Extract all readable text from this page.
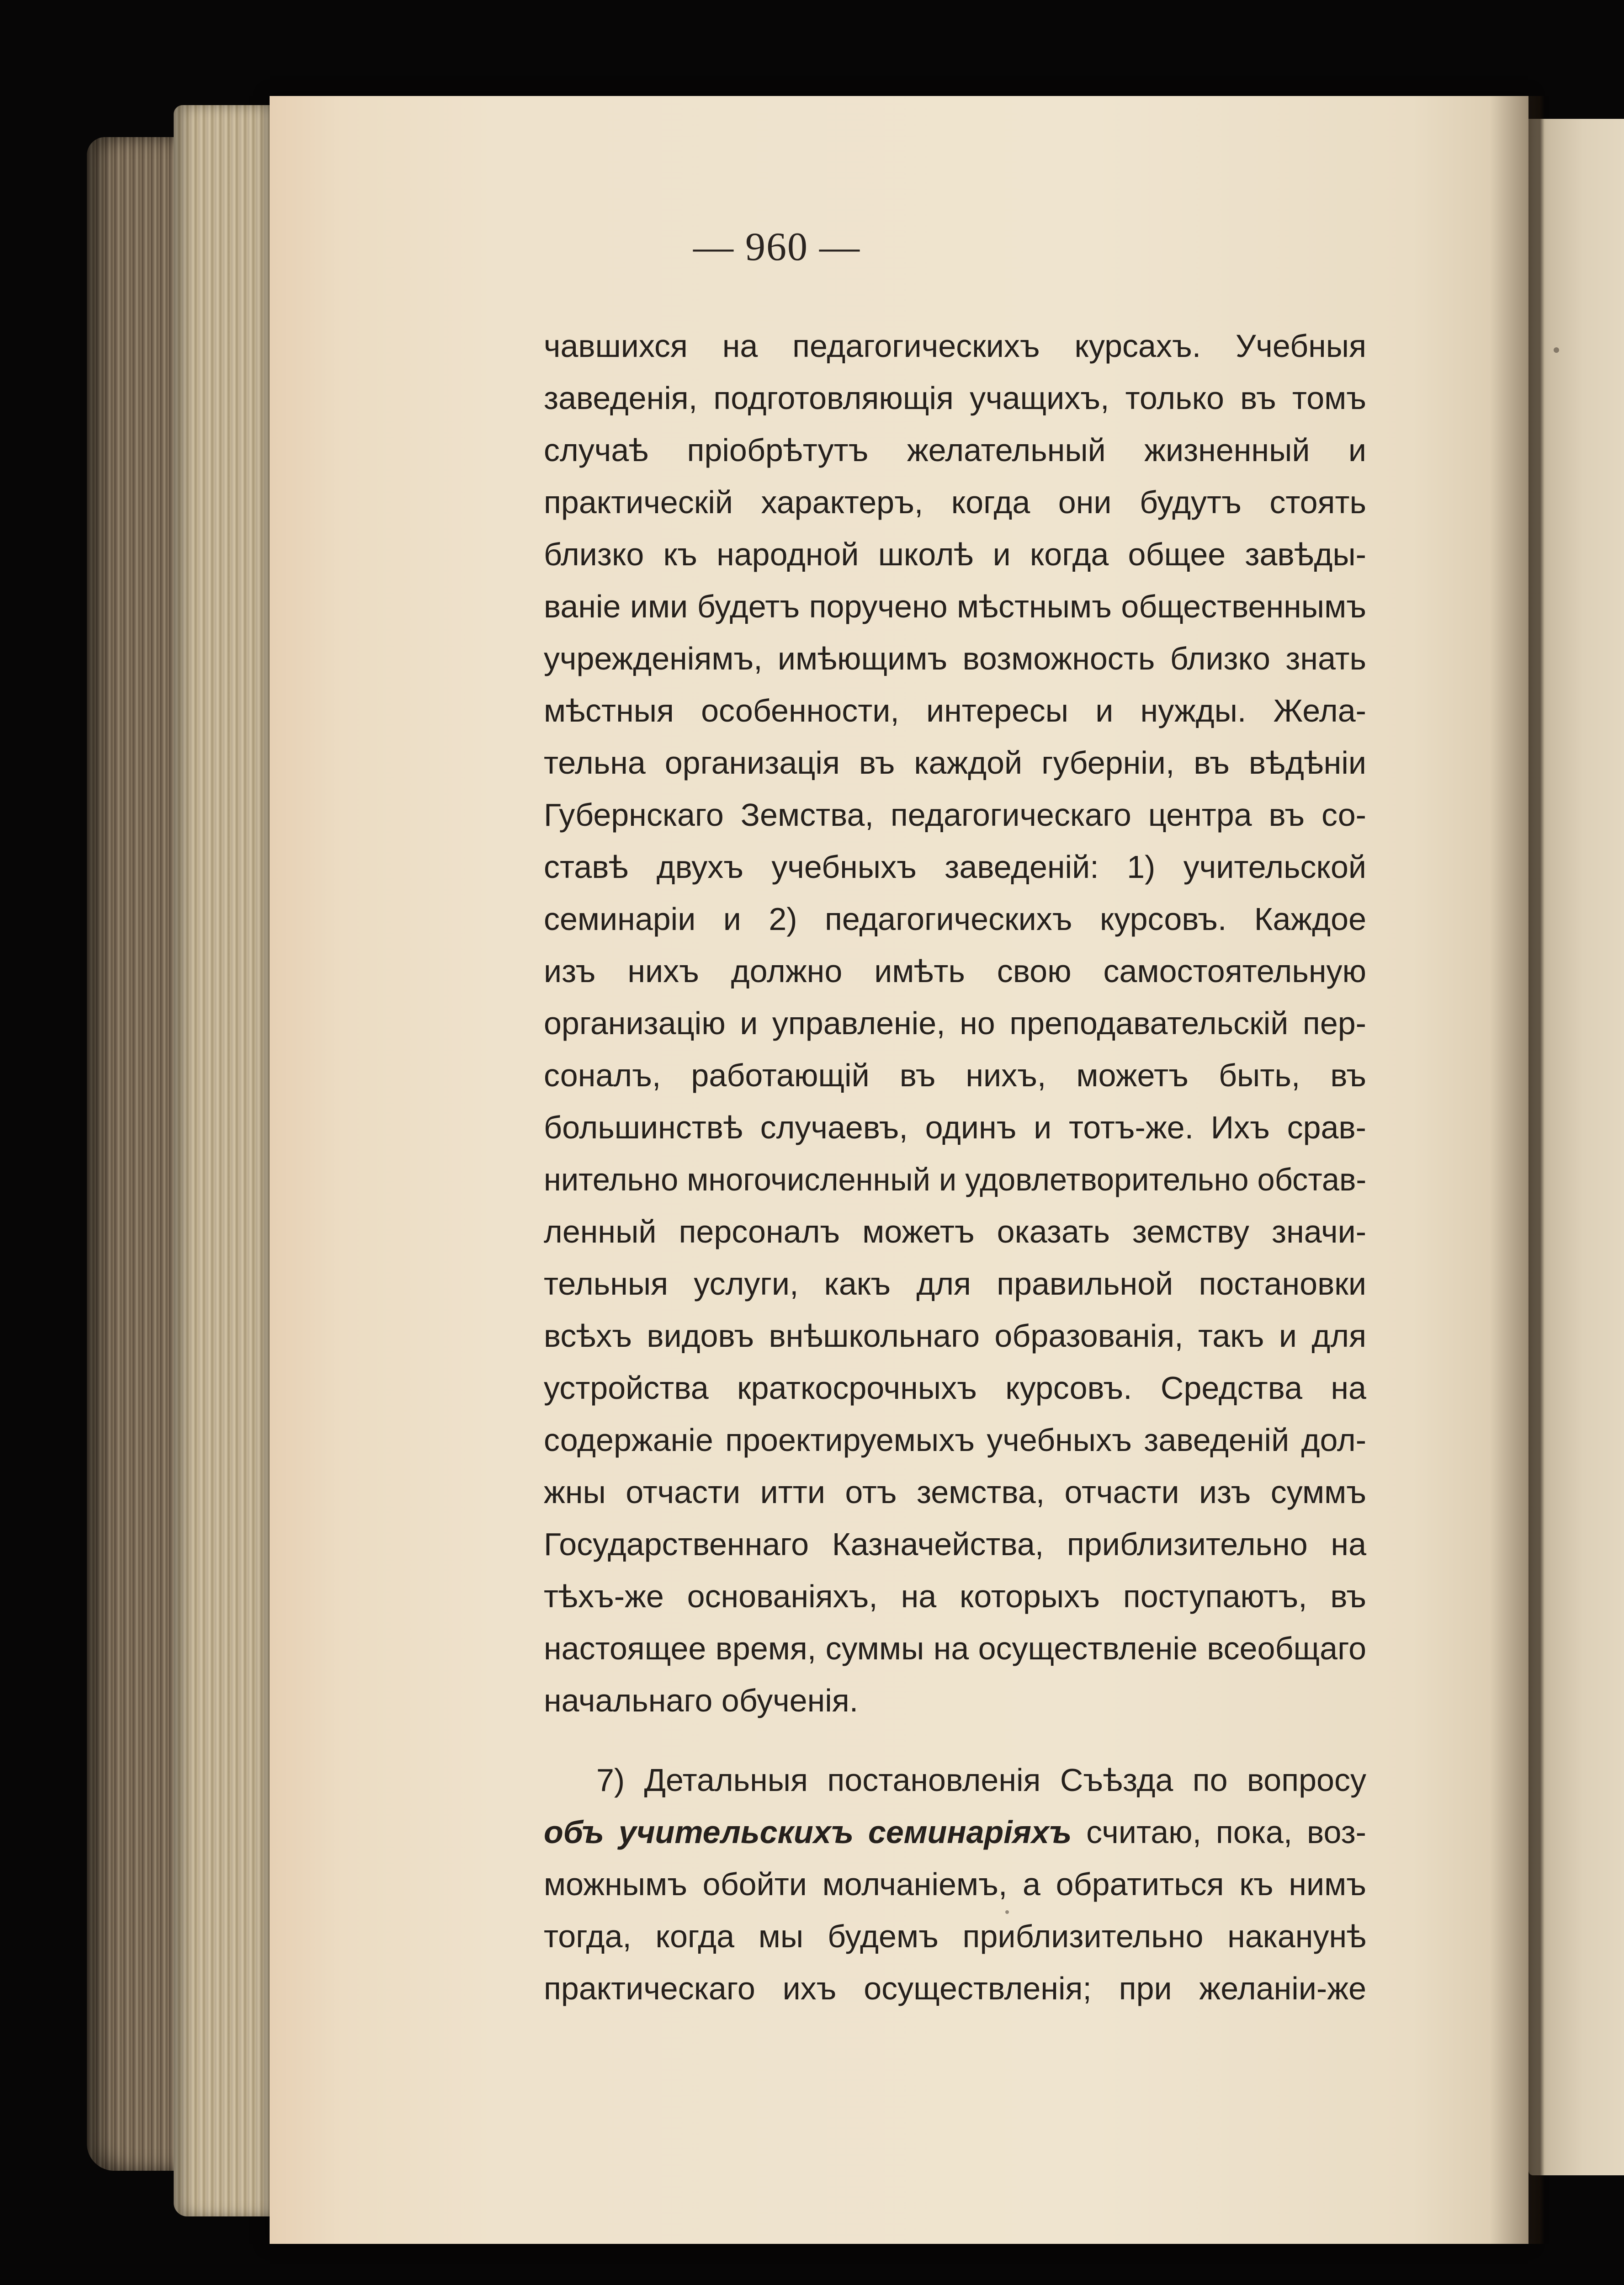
— 960 —
чавшихся на педагогическихъ курсахъ. Учебныя
заведенія, подготовляющія учащихъ, только въ томъ
случаѣ пріобрѣтутъ желательный жизненный и
практическій характеръ, когда они будутъ стоять
близко къ народной школѣ и когда общее завѣды-
ваніе ими будетъ поручено мѣстнымъ общественнымъ
учрежденіямъ, имѣющимъ возможность близко знать
мѣстныя особенности, интересы и нужды. Жела-
тельна организація въ каждой губерніи, въ вѣдѣніи
Губернскаго Земства, педагогическаго центра въ со-
ставѣ двухъ учебныхъ заведеній: 1) учительской
семинаріи и 2) педагогическихъ курсовъ. Каждое
изъ нихъ должно имѣть свою самостоятельную
организацію и управленіе, но преподавательскій пер-
соналъ, работающій въ нихъ, можетъ быть, въ
большинствѣ случаевъ, одинъ и тотъ-же. Ихъ срав-
нительно многочисленный и удовлетворительно обстав-
ленный персоналъ можетъ оказать земству значи-
тельныя услуги, какъ для правильной постановки
всѣхъ видовъ внѣшкольнаго образованія, такъ и для
устройства краткосрочныхъ курсовъ. Средства на
содержаніе проектируемыхъ учебныхъ заведеній дол-
жны отчасти итти отъ земства, отчасти изъ суммъ
Государственнаго Казначейства, приблизительно на
тѣхъ-же основаніяхъ, на которыхъ поступаютъ, въ
настоящее время, суммы на осуществленіе всеобщаго
начальнаго обученія.
7) Детальныя постановленія Съѣзда по вопросу
объ учительскихъ семинаріяхъ считаю, пока, воз-
можнымъ обойти молчаніемъ, а обратиться къ нимъ
тогда, когда мы будемъ приблизительно наканунѣ
практическаго ихъ осуществленія; при желаніи-же
